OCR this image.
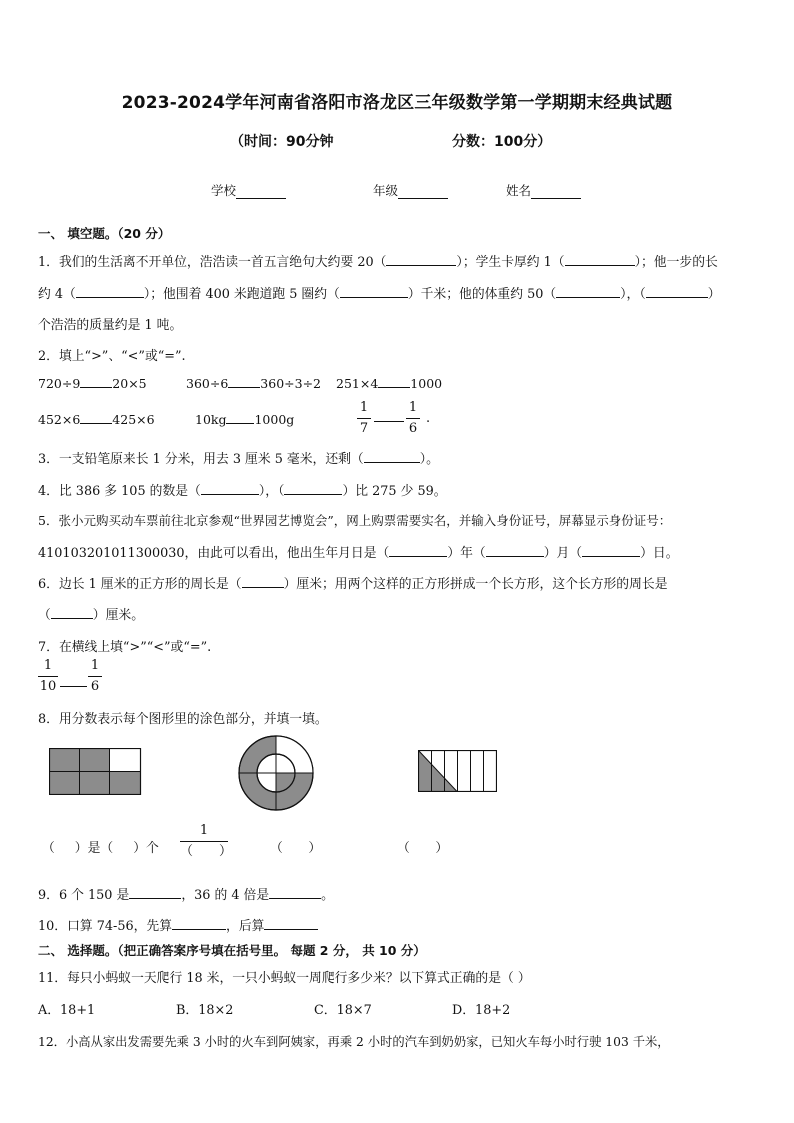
2023-2024学年河南省洛阳市洛龙区三年级数学第一学期期末经典试题
（时间：90分钟	分数：100分）
学校	年级	姓名
一、 填空题。（20 分）
1．我们的生活离不开单位，浩浩读一首五言绝句大约要 20（	）；学生卡厚约 1（	）；他一步的长
约 4（	）；他围着 400 米跑道跑 5 圈约（	）千米；他的体重约 50（	），（	）
个浩浩的质量约是 1 吨。
2．填上“>”、“<”或“=”.
720÷9	20×5	360÷6	360÷3÷2 251×4	1000
452×6	425×6	10kg 1000g
1
7
1
6
.
3．一支铅笔原来长 1 分米，用去 3 厘米 5 毫米，还剩（	）。
4．比 386 多 105 的数是（	），（	）比 275 少 59。
5．张小元购买动车票前往北京参观“世界园艺博览会”，网上购票需要实名，并输入身份证号，屏幕显示身份证号：
410103201011300030，由此可以看出，他出生年月日是（	）年（	）月（	）日。
6．边长 1 厘米的正方形的周长是（	）厘米；用两个这样的正方形拼成一个长方形，这个长方形的周长是
（	）厘米。
7．在横线上填“>”“<”或“=”.
1
10
1
6
8．用分数表示每个图形里的涂色部分，并填一填。
（ ）是（ ）个
1
（　　）	（　　）	（　　）
9．6 个 150 是	，36 的 4 倍是	。
10．口算 74-56，先算	，后算
二、 选择题。（把正确答案序号填在括号里。 每题 2 分， 共 10 分）
11．每只小蚂蚁一天爬行 18 米，一只小蚂蚁一周爬行多少米？以下算式正确的是（ ）
A．18+1	B．18×2	C．18×7	D．18+2
12．小高从家出发需要先乘 3 小时的火车到阿姨家，再乘 2 小时的汽车到奶奶家，已知火车每小时行驶 103 千米，
